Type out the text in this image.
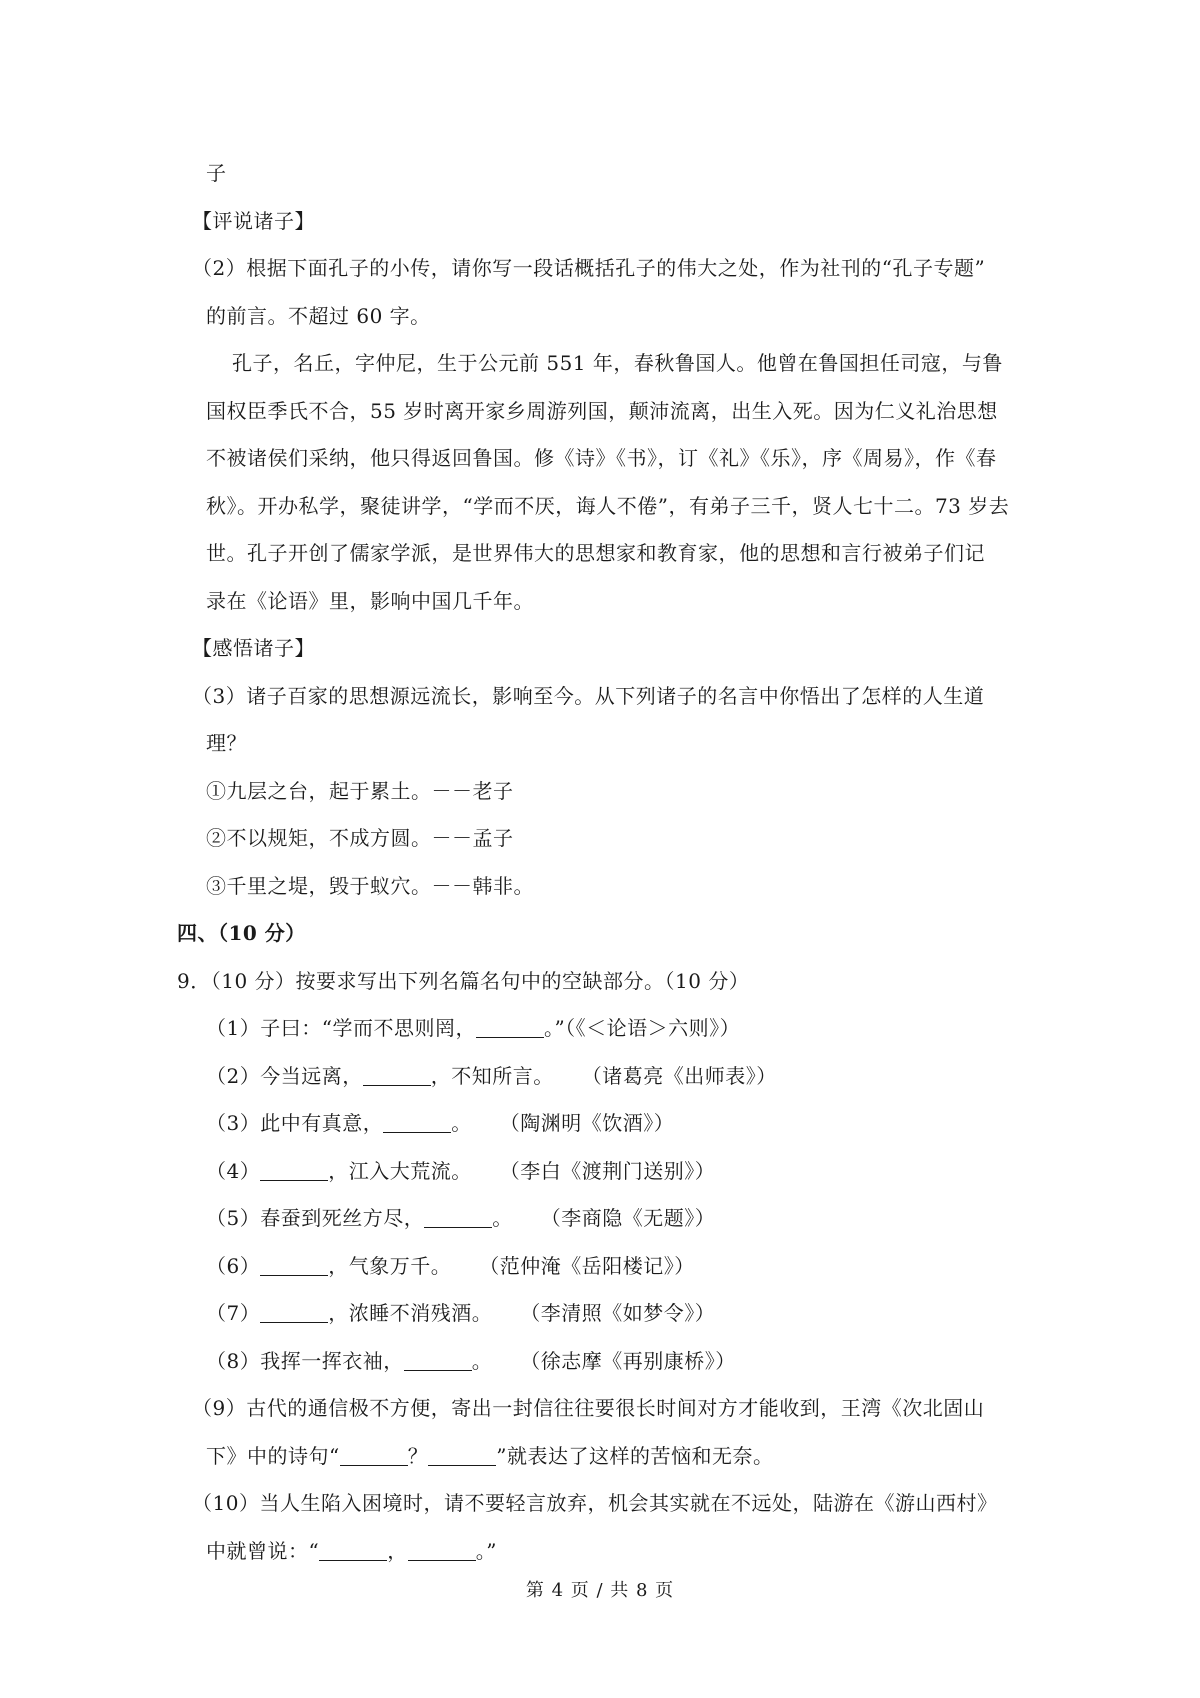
子
【评说诸子】
（2）根据下面孔子的小传，请你写一段话概括孔子的伟大之处，作为社刊的“孔子专题”
的前言。不超过 60 字。
孔子，名丘，字仲尼，生于公元前 551 年，春秋鲁国人。他曾在鲁国担任司寇，与鲁
国权臣季氏不合，55 岁时离开家乡周游列国，颠沛流离，出生入死。因为仁义礼治思想
不被诸侯们采纳，他只得返回鲁国。修《诗》《书》，订《礼》《乐》，序《周易》，作《春
秋》。开办私学，聚徒讲学，“学而不厌，诲人不倦”，有弟子三千，贤人七十二。73 岁去
世。孔子开创了儒家学派，是世界伟大的思想家和教育家，他的思想和言行被弟子们记
录在《论语》里，影响中国几千年。
【感悟诸子】
（3）诸子百家的思想源远流长，影响至今。从下列诸子的名言中你悟出了怎样的人生道
理？
①九层之台，起于累土。－－老子
②不以规矩，不成方圆。－－孟子
③千里之堤，毁于蚁穴。－－韩非。
四、（10 分）
9．（10 分）按要求写出下列名篇名句中的空缺部分。（10 分）
（1）子曰：“学而不思则罔，	。”（《＜论语＞六则》）
（2）今当远离，	，不知所言。 （诸葛亮《出师表》）
（3）此中有真意，	。 （陶渊明《饮酒》）
（4）	，江入大荒流。 （李白《渡荆门送别》）
（5）春蚕到死丝方尽，	。 （李商隐《无题》）
（6）	，气象万千。 （范仲淹《岳阳楼记》）
（7）	，浓睡不消残酒。 （李清照《如梦令》）
（8）我挥一挥衣袖，	。 （徐志摩《再别康桥》）
（9）古代的通信极不方便，寄出一封信往往要很长时间对方才能收到，王湾《次北固山
下》中的诗句“	？	”就表达了这样的苦恼和无奈。
（10）当人生陷入困境时，请不要轻言放弃，机会其实就在不远处，陆游在《游山西村》
中就曾说：“	，	。”
第 4 页 / 共 8 页
